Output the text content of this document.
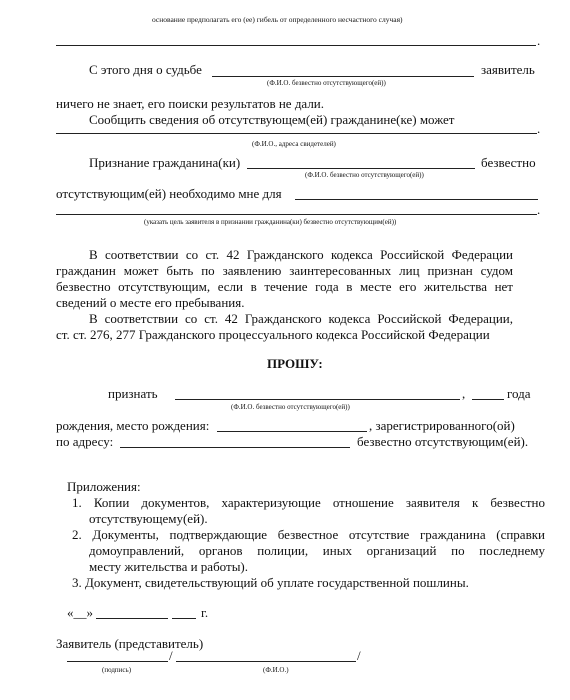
основание предполагать его (ее) гибель от определенного несчастного случая)
.
С этого дня о судьбе
(Ф.И.О. безвестно отсутствующего(ей))
заявитель
ничего не знает, его поиски результатов не дали.
Сообщить сведения об отсутствующем(ей) гражданине(ке) может
.
(Ф.И.О., адреса свидетелей)
Признание гражданина(ки)
(Ф.И.О. безвестно отсутствующего(ей))
безвестно
отсутствующим(ей) необходимо мне для
.
(указать цель заявителя в признании гражданина(ки) безвестно отсутствующим(ей))
В соответствии со ст. 42 Гражданского кодекса Российской Федерации
гражданин может быть по заявлению заинтересованных лиц признан судом
безвестно отсутствующим, если в течение года в месте его жительства нет
сведений о месте его пребывания.
В соответствии со ст. 42 Гражданского кодекса Российской Федерации,
ст. ст. 276, 277 Гражданского процессуального кодекса Российской Федерации
ПРОШУ:
признать	,	года
(Ф.И.О. безвестно отсутствующего(ей))
рождения, место рождения:	, зарегистрированного(ой)
по адресу:	безвестно отсутствующим(ей).
Приложения:
1. Копии документов, характеризующие отношение заявителя к безвестно
отсутствующему(ей).
2. Документы, подтверждающие безвестное отсутствие гражданина (справки
домоуправлений, органов полиции, иных организаций по последнему
месту жительства и работы).
3. Документ, свидетельствующий об уплате государственной пошлины.
«__»	г.
Заявитель (представитель)
/	/
(подпись)	(Ф.И.О.)
